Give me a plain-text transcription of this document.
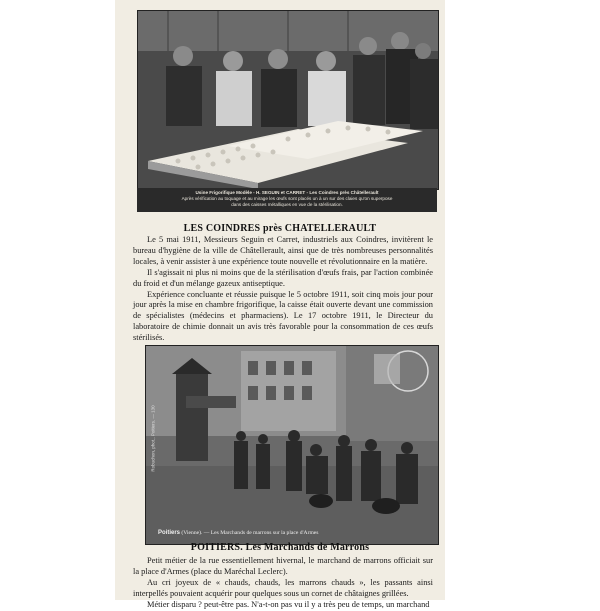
Usine Frigorifique Modèle - H. SEGUIN et CARRET - Les Coindres près Châtellerault
Après vérification au toquage et au mirage les œufs sont placés un à un sur des claies qu'on superpose
dans des caisses métalliques en vue de la stérilisation.
LES COINDRES près CHATELLERAULT

Le 5 mai 1911, Messieurs Seguin et Carret, industriels aux Coindres, invitèrent le bureau d'hygiène de la ville de Châtellerault, ainsi que de très nombreuses personnalités locales, à venir assister à une expérience toute nouvelle et révolutionnaire en la matière.

Il s'agissait ni plus ni moins que de la stérilisation d'œufs frais, par l'action combinée du froid et d'un mélange gazeux antiseptique.

Expérience concluante et réussie puisque le 5 octobre 1911, soit cinq mois jour pour jour après la mise en chambre frigorifique, la caisse était ouverte devant une commission de spécialistes (médecins et pharmaciens). Le 17 octobre 1911, le Directeur du laboratoire de chimie donnait un avis très favorable pour la consommation de ces œufs stérilisés.

Robuchon, phot., Poitiers. — 130
Poitiers (Vienne). — Les Marchands de marrons sur la place d'Armes
POITIERS. Les Marchands de Marrons

Petit métier de la rue essentiellement hivernal, le marchand de marrons officiait sur la place d'Armes (place du Maréchal Leclerc).

Au cri joyeux de « chauds, chauds, les marrons chauds », les passants ainsi interpellés pouvaient acquérir pour quelques sous un cornet de châtaignes grillées.

Métier disparu ? peut-être pas. N'a-t-on pas vu il y a très peu de temps, un marchand
